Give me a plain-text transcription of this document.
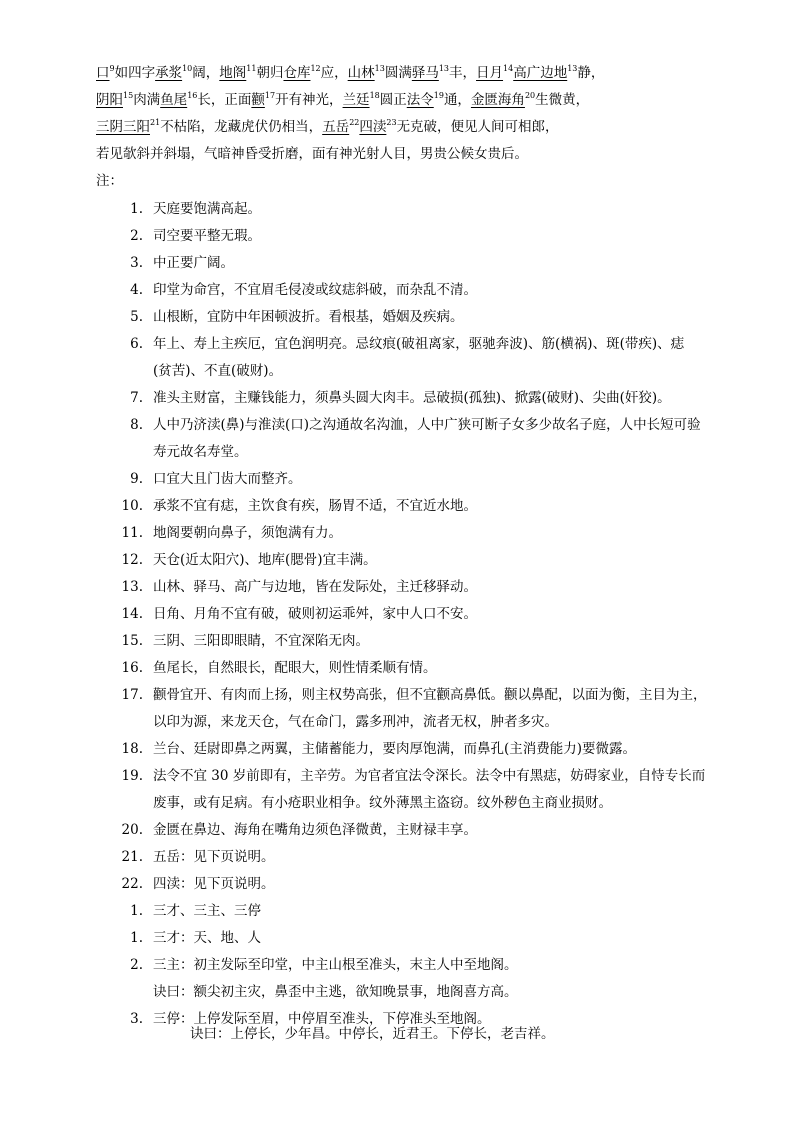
口$^9$如四字承浆$^{10}$阔，地阁$^{11}$朝归仓库$^{12}$应，山林$^{13}$圆满驿马$^{13}$丰，日月$^{14}$高广边地$^{13}$静，
阴阳$^{15}$肉满鱼尾$^{16}$长，正面颧$^{17}$开有神光，兰廷$^{18}$圆正法令$^{19}$通，金匮海角$^{20}$生微黄，
三阴三阳$^{21}$不枯陷，龙藏虎伏仍相当，五岳$^{22}$四渎$^{23}$无克破，便见人间可相郎，
若见欹斜并斜塌，气暗神昏受折磨，面有神光射人目，男贵公候女贵后。
注：
1. 天庭要饱满高起。
2. 司空要平整无瑕。
3. 中正要广阔。
4. 印堂为命宫，不宜眉毛侵凌或纹痣斜破，而杂乱不清。
5. 山根断，宜防中年困顿波折。看根基，婚姻及疾病。
6. 年上、寿上主疾厄，宜色润明亮。忌纹痕(破祖离家，驱驰奔波)、筋(横祸)、斑(带疾)、痣
(贫苦)、不直(破财)。
7. 准头主财富，主赚钱能力，须鼻头圆大肉丰。忌破损(孤独)、掀露(破财)、尖曲(奸狡)。
8. 人中乃济渎(鼻)与淮渎(口)之沟通故名沟洫，人中广狭可断子女多少故名子庭，人中长短可验
寿元故名寿堂。
9. 口宜大且门齿大而整齐。
10. 承浆不宜有痣，主饮食有疾，肠胃不适，不宜近水地。
11. 地阁要朝向鼻子，须饱满有力。
12. 天仓(近太阳穴)、地库(腮骨)宜丰满。
13. 山林、驿马、高广与边地，皆在发际处，主迁移驿动。
14. 日角、月角不宜有破，破则初运乖舛，家中人口不安。
15. 三阴、三阳即眼睛，不宜深陷无肉。
16. 鱼尾长，自然眼长，配眼大，则性情柔顺有情。
17. 颧骨宜开、有肉而上扬，则主权势高张，但不宜颧高鼻低。颧以鼻配，以面为衡，主目为主，
以印为源，来龙天仓，气在命门，露多刑冲，流者无权，肿者多灾。
18. 兰台、廷尉即鼻之两翼，主储蓄能力，要肉厚饱满，而鼻孔(主消费能力)要微露。
19. 法令不宜 30 岁前即有，主辛劳。为官者宜法令深长。法令中有黑痣，妨碍家业，自恃专长而
废事，或有足病。有小疮职业相争。纹外薄黑主盗窃。纹外秽色主商业损财。
20. 金匮在鼻边、海角在嘴角边须色泽微黄，主财禄丰享。
21. 五岳：见下页说明。
22. 四渎：见下页说明。
1. 三才、三主、三停
1. 三才：天、地、人
2. 三主：初主发际至印堂，中主山根至准头，末主人中至地阁。
诀曰：额尖初主灾，鼻歪中主逃，欲知晚景事，地阁喜方高。
3. 三停：上停发际至眉，中停眉至准头，下停准头至地阁。
诀曰：上停长，少年昌。中停长，近君王。下停长，老吉祥。
